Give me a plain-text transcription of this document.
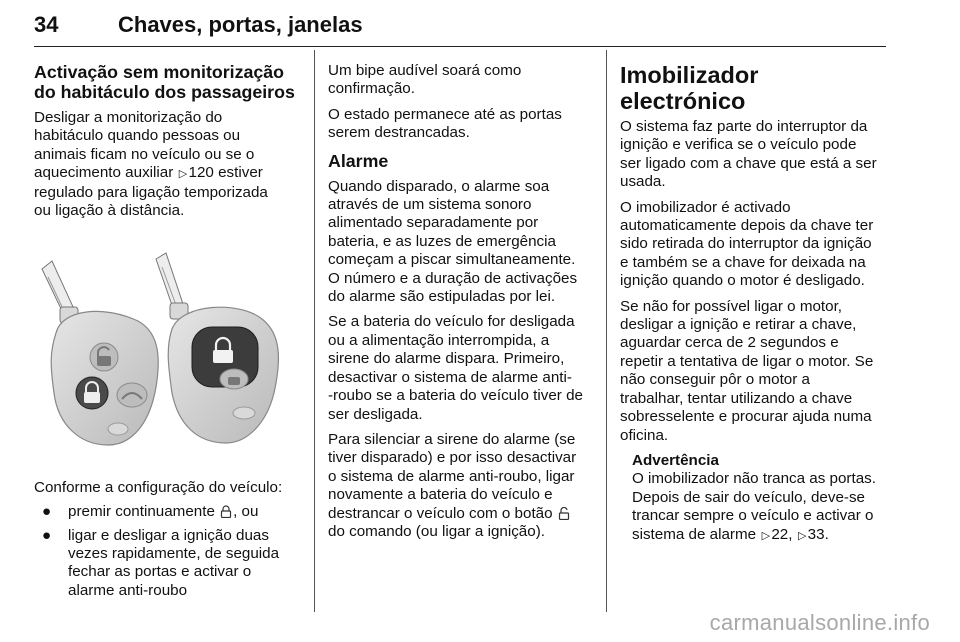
34	Chaves, portas, janelas
Activação sem monitorização do habitáculo dos passageiros

Desligar a monitorização do
habitáculo quando pessoas ou
animais ficam no veículo ou se o
aquecimento auxiliar ▷120 estiver
regulado para ligação temporizada
ou ligação à distância.

Conforme a configuração do veículo:

● premir continuamente , ou
● ligar e desligar a ignição duas
vezes rapidamente, de seguida
fechar as portas e activar o
alarme anti-roubo

Um bipe audível soará como
confirmação.

O estado permanece até as portas
serem destrancadas.

Alarme

Quando disparado, o alarme soa
através de um sistema sonoro
alimentado separadamente por
bateria, e as luzes de emergência
começam a piscar simultaneamente.
O número e a duração de activações
do alarme são estipuladas por lei.

Se a bateria do veículo for desligada
ou a alimentação interrompida, a
sirene do alarme dispara. Primeiro,
desactivar o sistema de alarme anti-
-roubo se a bateria do veículo tiver de
ser desligada.

Para silenciar a sirene do alarme (se
tiver disparado) e por isso desactivar
o sistema de alarme anti-roubo, ligar
novamente a bateria do veículo e
destrancar o veículo com o botão
do comando (ou ligar a ignição).

Imobilizador electrónico

O sistema faz parte do interruptor da
ignição e verifica se o veículo pode
ser ligado com a chave que está a ser
usada.

O imobilizador é activado
automaticamente depois da chave ter
sido retirada do interruptor da ignição
e também se a chave for deixada na
ignição quando o motor é desligado.

Se não for possível ligar o motor,
desligar a ignição e retirar a chave,
aguardar cerca de 2 segundos e
repetir a tentativa de ligar o motor. Se
não conseguir pôr o motor a
trabalhar, tentar utilizando a chave
sobresselente e procurar ajuda numa
oficina.

Advertência
O imobilizador não tranca as portas.
Depois de sair do veículo, deve-se
trancar sempre o veículo e activar o
sistema de alarme ▷22, ▷33.
carmanualsonline.info
